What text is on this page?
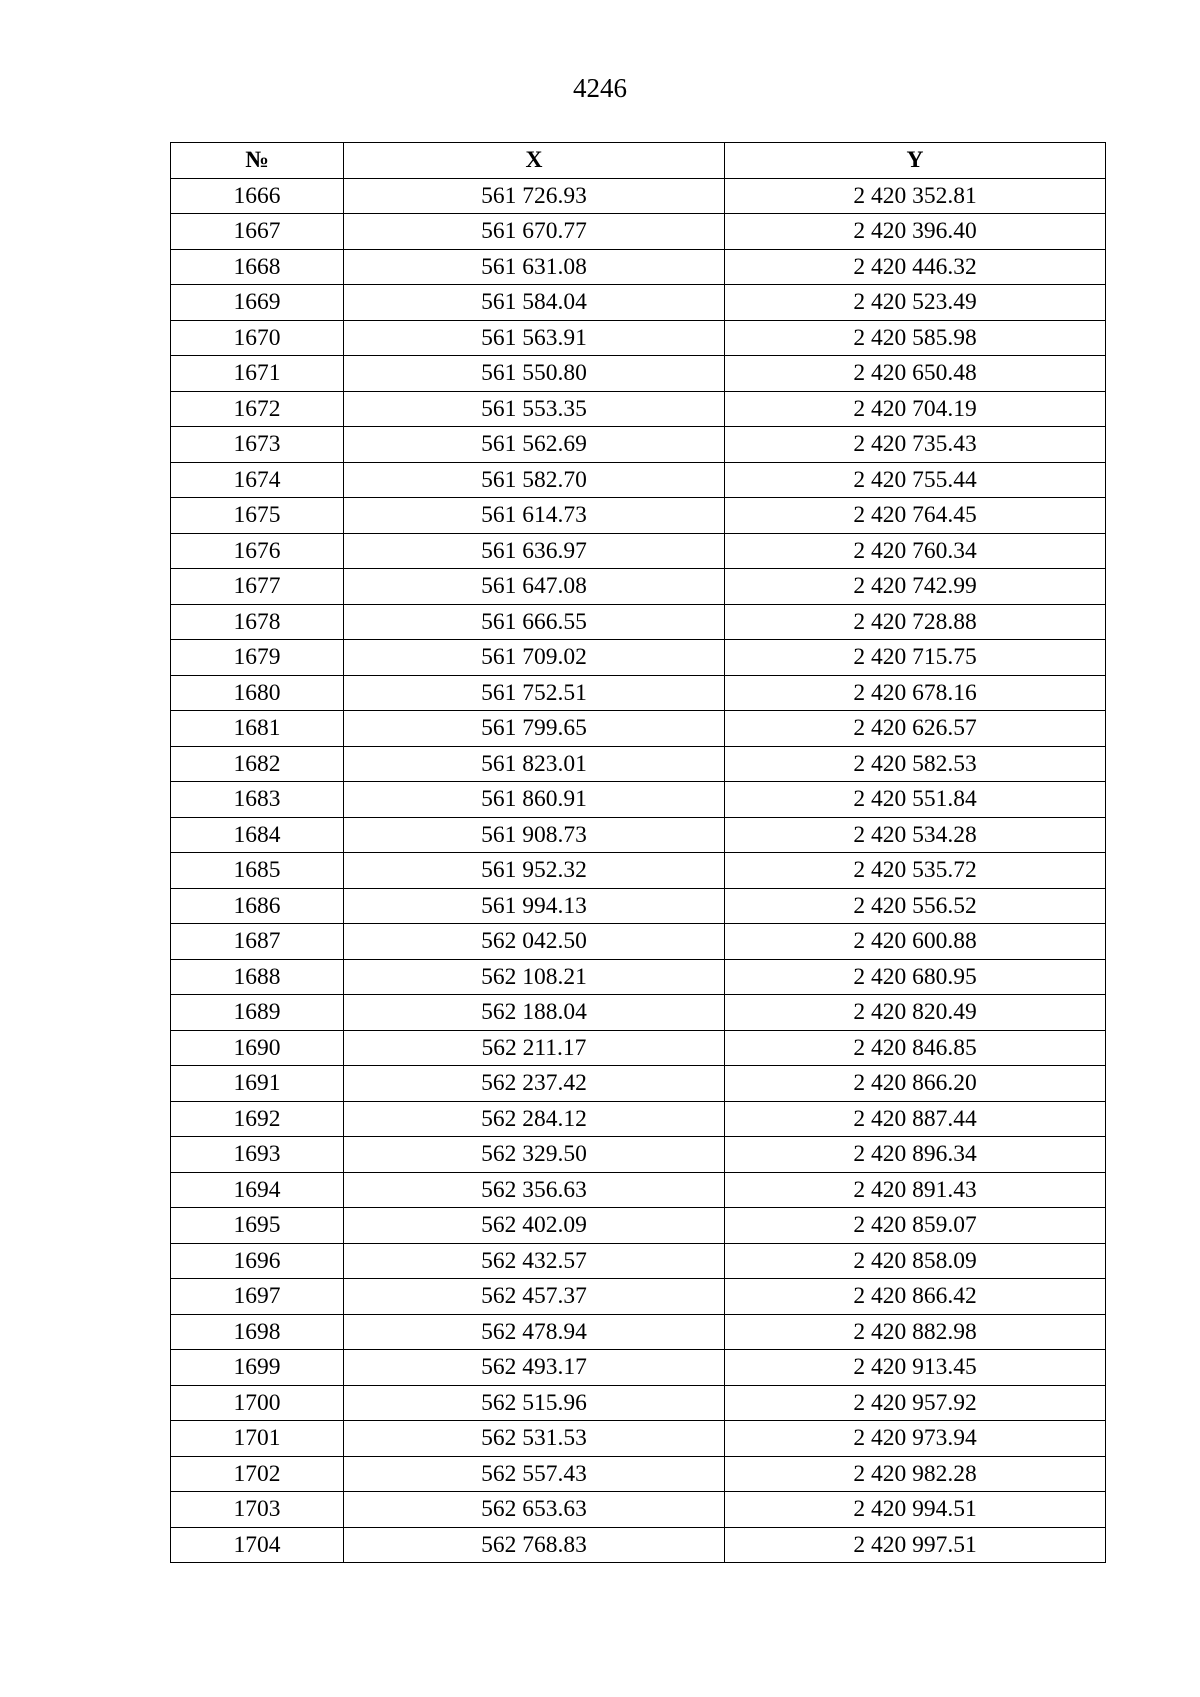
4246
№	X	Y
1666	561 726.93	2 420 352.81
1667	561 670.77	2 420 396.40
1668	561 631.08	2 420 446.32
1669	561 584.04	2 420 523.49
1670	561 563.91	2 420 585.98
1671	561 550.80	2 420 650.48
1672	561 553.35	2 420 704.19
1673	561 562.69	2 420 735.43
1674	561 582.70	2 420 755.44
1675	561 614.73	2 420 764.45
1676	561 636.97	2 420 760.34
1677	561 647.08	2 420 742.99
1678	561 666.55	2 420 728.88
1679	561 709.02	2 420 715.75
1680	561 752.51	2 420 678.16
1681	561 799.65	2 420 626.57
1682	561 823.01	2 420 582.53
1683	561 860.91	2 420 551.84
1684	561 908.73	2 420 534.28
1685	561 952.32	2 420 535.72
1686	561 994.13	2 420 556.52
1687	562 042.50	2 420 600.88
1688	562 108.21	2 420 680.95
1689	562 188.04	2 420 820.49
1690	562 211.17	2 420 846.85
1691	562 237.42	2 420 866.20
1692	562 284.12	2 420 887.44
1693	562 329.50	2 420 896.34
1694	562 356.63	2 420 891.43
1695	562 402.09	2 420 859.07
1696	562 432.57	2 420 858.09
1697	562 457.37	2 420 866.42
1698	562 478.94	2 420 882.98
1699	562 493.17	2 420 913.45
1700	562 515.96	2 420 957.92
1701	562 531.53	2 420 973.94
1702	562 557.43	2 420 982.28
1703	562 653.63	2 420 994.51
1704	562 768.83	2 420 997.51
